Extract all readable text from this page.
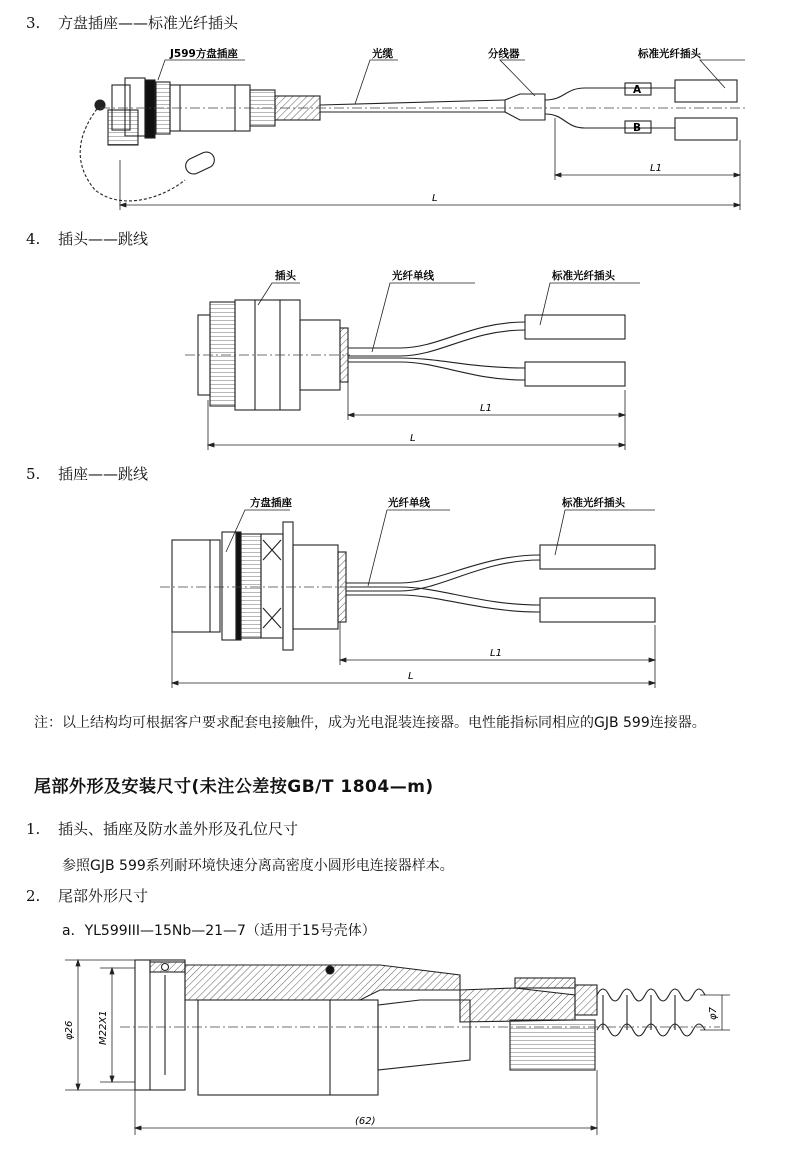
3. 方盘插座——标准光纤插头
J599方盘插座	光缆	分线器	标准光纤插头
A
B
L1
L
4. 插头——跳线
插头	光纤单线	标准光纤插头
L1
L
5. 插座——跳线
方盘插座	光纤单线	标准光纤插头
L1
L
注：以上结构均可根据客户要求配套电接触件，成为光电混装连接器。电性能指标同相应的GJB 599连接器。
尾部外形及安装尺寸(未注公差按GB/T 1804—m)
1. 插头、插座及防水盖外形及孔位尺寸
参照GJB 599系列耐环境快速分离高密度小圆形电连接器样本。
2. 尾部外形尺寸
a．YL599III—15Nb—21—7（适用于15号壳体）
φ26 M22X1	φ7
(62)
